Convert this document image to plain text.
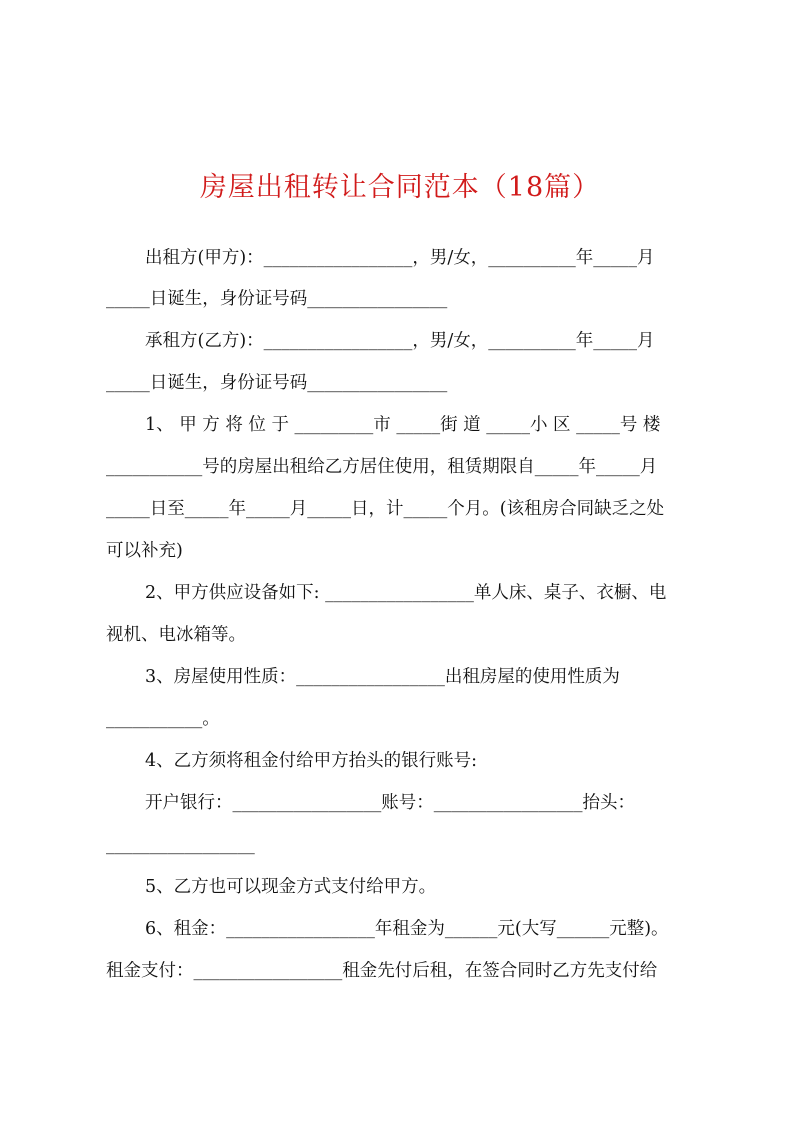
房屋出租转让合同范本（18篇）
出租方(甲方)：_________________，男/女，__________年_____月
_____日诞生，身份证号码________________
承租方(乙方)：_________________，男/女，__________年_____月
_____日诞生，身份证号码________________
1、 甲 方 将 位 于 _________市 _____街 道 _____小 区 _____号 楼
___________号的房屋出租给乙方居住使用，租赁期限自_____年_____月
_____日至_____年_____月_____日，计_____个月。(该租房合同缺乏之处
可以补充)
2、甲方供应设备如下: _________________单人床、桌子、衣橱、电
视机、电冰箱等。
3、房屋使用性质：_________________出租房屋的使用性质为
___________。
4、乙方须将租金付给甲方抬头的银行账号:
开户银行：_________________账号：_________________抬头：
_________________
5、乙方也可以现金方式支付给甲方。
6、租金：_________________年租金为______元(大写______元整)。
租金支付：_________________租金先付后租，在签合同时乙方先支付给
